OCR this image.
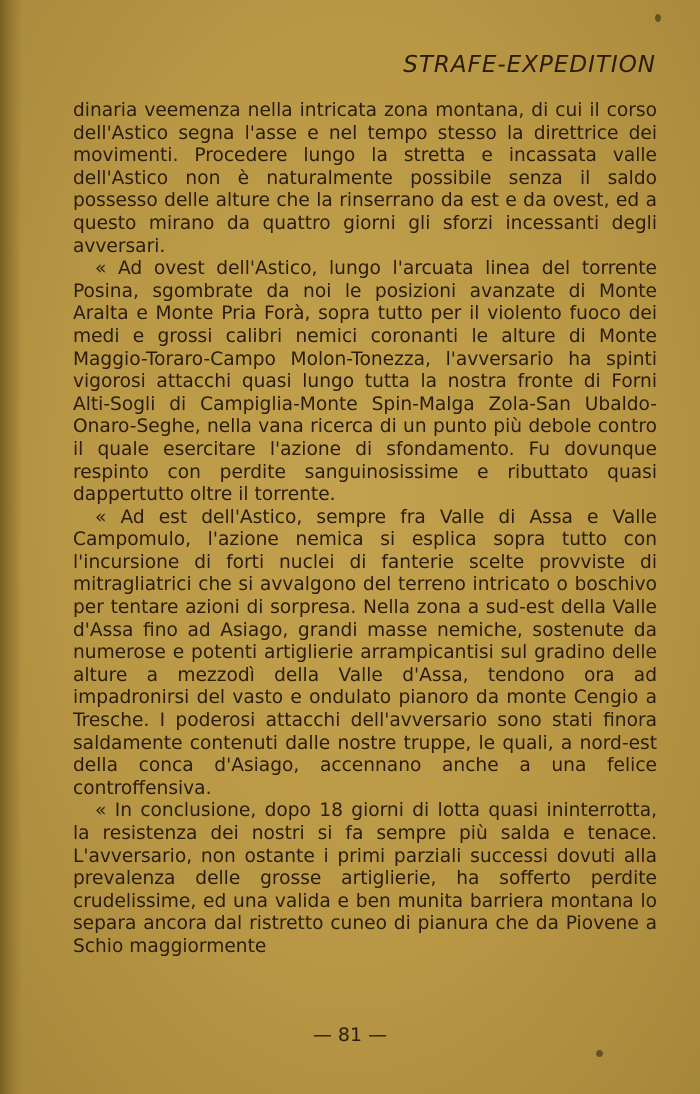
STRAFE-EXPEDITION

dinaria veemenza nella intricata zona montana, di cui il corso dell'Astico segna l'asse e nel tempo stesso la direttrice dei movimenti. Procedere lungo la stretta e incassata valle dell'Astico non è naturalmente possibile senza il saldo possesso delle alture che la rinserrano da est e da ovest, ed a questo mirano da quattro giorni gli sforzi incessanti degli avversari.

« Ad ovest dell'Astico, lungo l'arcuata linea del torrente Posina, sgombrate da noi le posizioni avanzate di Monte Aralta e Monte Pria Forà, sopra tutto per il violento fuoco dei medi e grossi calibri nemici coronanti le alture di Monte Maggio-Toraro-Campo Molon-Tonezza, l'avversario ha spinti vigorosi attacchi quasi lungo tutta la nostra fronte di Forni Alti-Sogli di Campiglia-Monte Spin-Malga Zola-San Ubaldo-Onaro-Seghe, nella vana ricerca di un punto più debole contro il quale esercitare l'azione di sfondamento. Fu dovunque respinto con perdite sanguinosissime e ributtato quasi dappertutto oltre il torrente.

« Ad est dell'Astico, sempre fra Valle di Assa e Valle Campomulo, l'azione nemica si esplica sopra tutto con l'incursione di forti nuclei di fanterie scelte provviste di mitragliatrici che si avvalgono del terreno intricato o boschivo per tentare azioni di sorpresa. Nella zona a sud-est della Valle d'Assa fino ad Asiago, grandi masse nemiche, sostenute da numerose e potenti artiglierie arrampicantisi sul gradino delle alture a mezzodì della Valle d'Assa, tendono ora ad impadronirsi del vasto e ondulato pianoro da monte Cengio a Tresche. I poderosi attacchi dell'avversario sono stati finora saldamente contenuti dalle nostre truppe, le quali, a nord-est della conca d'Asiago, accennano anche a una felice controffensiva.

« In conclusione, dopo 18 giorni di lotta quasi ininterrotta, la resistenza dei nostri si fa sempre più salda e tenace. L'avversario, non ostante i primi parziali successi dovuti alla prevalenza delle grosse artiglierie, ha sofferto perdite crudelissime, ed una valida e ben munita barriera montana lo separa ancora dal ristretto cuneo di pianura che da Piovene a Schio maggiormente

— 81 —
